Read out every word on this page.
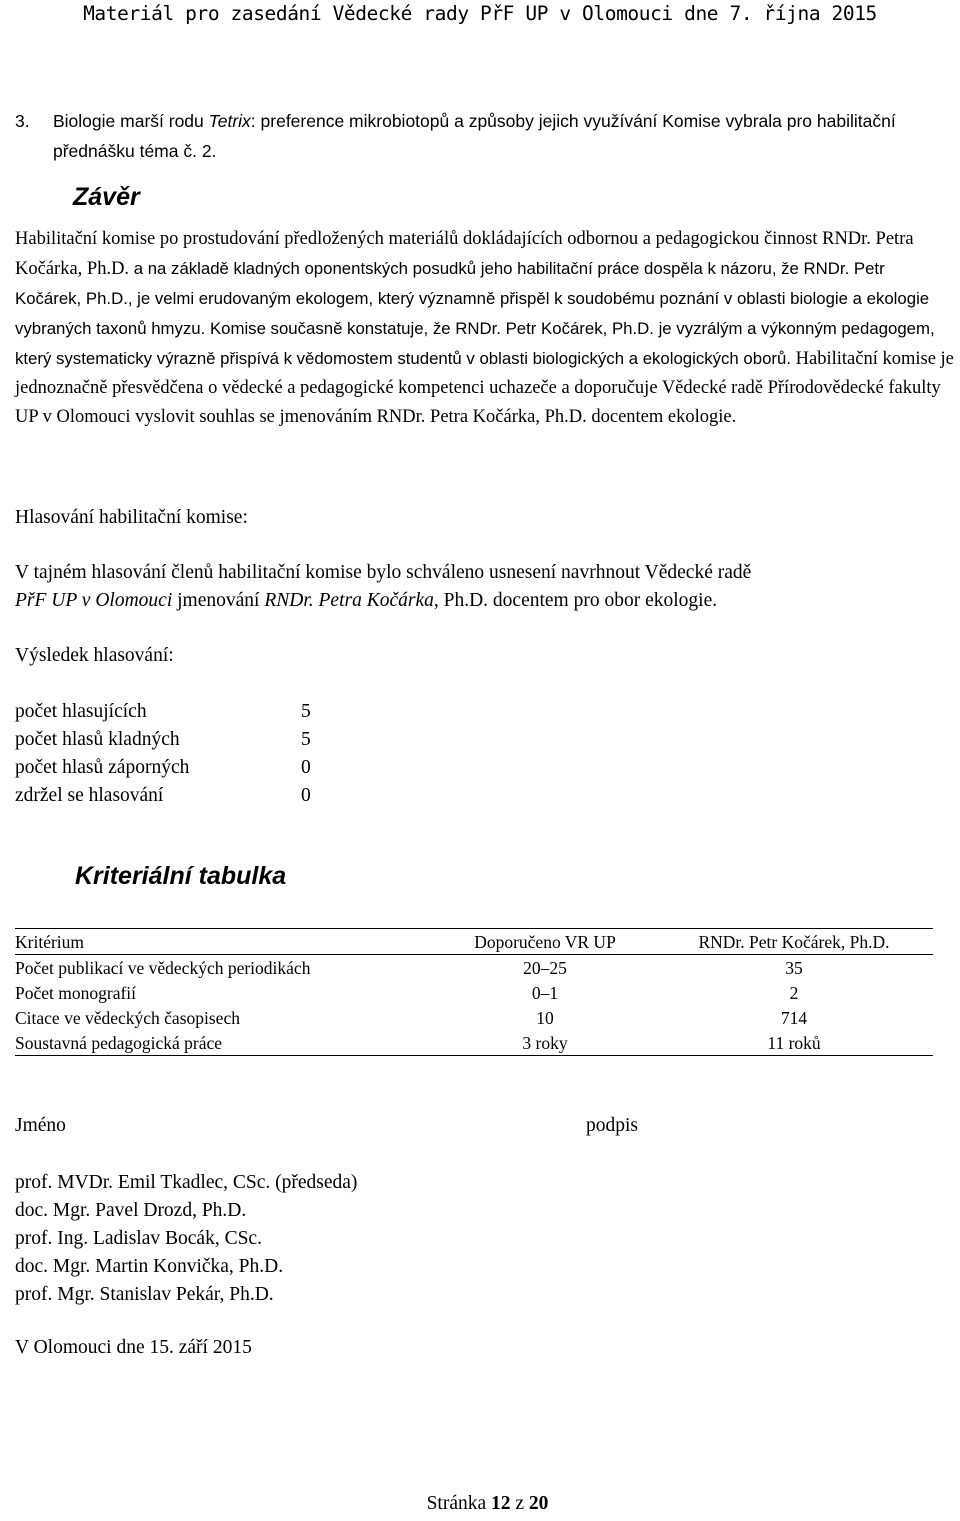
Materiál pro zasedání Vědecké rady PřF UP v Olomouci dne 7. října 2015
3.	Biologie marší rodu Tetrix: preference mikrobiotopů a způsoby jejich využívání Komise vybrala pro habilitační přednášku téma č. 2.
Závěr
Habilitační komise po prostudování předložených materiálů dokládajících odbornou a pedagogickou činnost RNDr. Petra Kočárka, Ph.D. a na základě kladných oponentských posudků jeho habilitační práce dospěla k názoru, že RNDr. Petr Kočárek, Ph.D., je velmi erudovaným ekologem, který významně přispěl k soudobému poznání v oblasti biologie a ekologie vybraných taxonů hmyzu. Komise současně konstatuje, že RNDr. Petr Kočárek, Ph.D. je vyzrálým a výkonným pedagogem, který systematicky výrazně přispívá k vědomostem studentů v oblasti biologických a ekologických oborů. Habilitační komise je jednoznačně přesvědčena o vědecké a pedagogické kompetenci uchazeče a doporučuje Vědecké radě Přírodovědecké fakulty UP v Olomouci vyslovit souhlas se jmenováním RNDr. Petra Kočárka, Ph.D. docentem ekologie.
Hlasování habilitační komise:
V tajném hlasování členů habilitační komise bylo schváleno usnesení navrhnout Vědecké radě
PřF UP v Olomouci jmenování RNDr. Petra Kočárka, Ph.D. docentem pro obor ekologie.
Výsledek hlasování:
počet hlasujících	5
počet hlasů kladných	5
počet hlasů záporných	0
zdržel se hlasování	0
Kriteriální tabulka
Kritérium	Doporučeno VR UP	RNDr. Petr Kočárek, Ph.D.
Počet publikací ve vědeckých periodikách	20–25	35
Počet monografií	0–1	2
Citace ve vědeckých časopisech	10	714
Soustavná pedagogická práce	3 roky	11 roků
Jméno	podpis
prof. MVDr. Emil Tkadlec, CSc. (předseda)
doc. Mgr. Pavel Drozd, Ph.D.
prof. Ing. Ladislav Bocák, CSc.
doc. Mgr. Martin Konvička, Ph.D.
prof. Mgr. Stanislav Pekár, Ph.D.
V Olomouci dne 15. září 2015
Stránka 12 z 20
